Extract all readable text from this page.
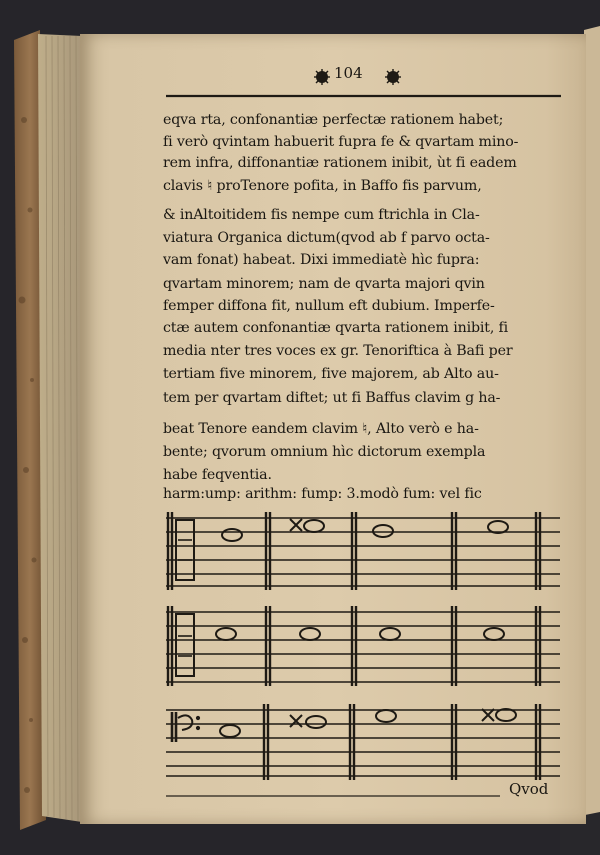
104
eqva rta, confonantiæ perfectæ rationem habet;
fi verò qvintam habuerit fupra fe & qvartam mino-
rem infra, diffonantiæ rationem inibit, ùt fi eadem
clavis ♮ proTenore pofita, in Baffo fis parvum,
& inAltoitidem fis nempe cum ftrichla in Cla-
viatura Organica dictum(qvod ab f parvo octa-
vam fonat) habeat. Dixi immediatè hìc fupra:
qvartam minorem; nam de qvarta majori qvin
femper diffona fit, nullum eft dubium. Imperfe-
ctæ autem confonantiæ qvarta rationem inibit, fi
media nter tres voces ex gr. Tenoriftica à Bafi per
tertiam five minorem, five majorem, ab Alto au-
tem per qvartam diftet; ut fi Baffus clavim g ha-
beat Tenore eandem clavim ♮, Alto verò e ha-
bente; qvorum omnium hìc dictorum exempla
habe feqventia.
harm:ump: arithm: fump: 3.modò fum: vel fic
Qvod
